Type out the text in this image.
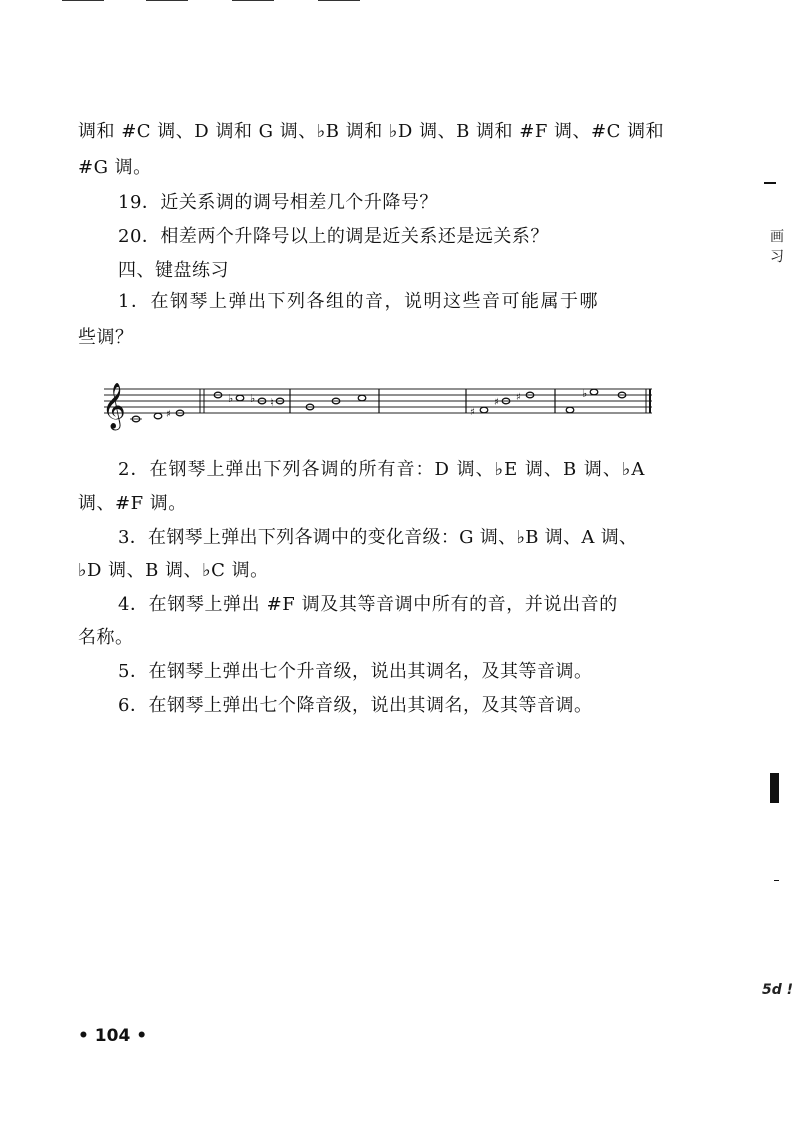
调和 #C 调、D 调和 G 调、♭B 调和 ♭D 调、B 调和 #F 调、#C 调和
#G 调。
19．近关系调的调号相差几个升降号？
20．相差两个升降号以上的调是近关系还是远关系？
四、键盘练习
1．在钢琴上弹出下列各组的音，说明这些音可能属于哪
些调？
𝄞	♯
♭ ♭ ♮
♯
♯ ♯	♭
2．在钢琴上弹出下列各调的所有音：D 调、♭E 调、B 调、♭A
调、#F 调。
3．在钢琴上弹出下列各调中的变化音级：G 调、♭B 调、A 调、
♭D 调、B 调、♭C 调。
4．在钢琴上弹出 #F 调及其等音调中所有的音，并说出音的
名称。
5．在钢琴上弹出七个升音级，说出其调名，及其等音调。
6．在钢琴上弹出七个降音级，说出其调名，及其等音调。
• 104 •
画
习
5d !
